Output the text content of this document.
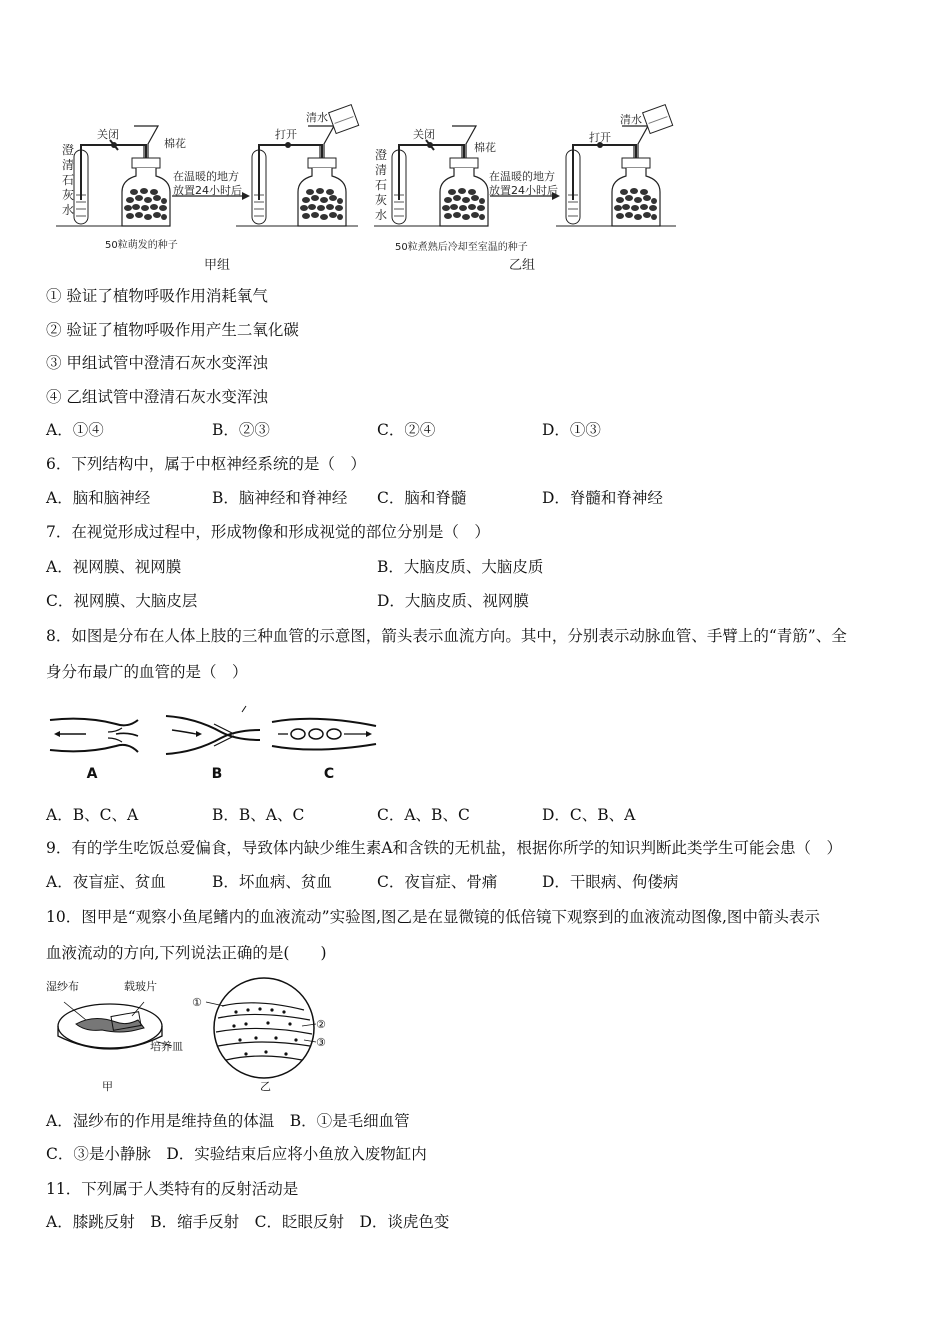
澄清石灰水
关闭
棉花
在温暖的地方
放置24小时后
打开
清水
50粒萌发的种子
甲组
澄清石灰水
关闭
棉花
在温暖的地方
放置24小时后
打开
清水
50粒煮熟后冷却至室温的种子
乙组
① 验证了植物呼吸作用消耗氧气
② 验证了植物呼吸作用产生二氧化碳
③ 甲组试管中澄清石灰水变浑浊
④ 乙组试管中澄清石灰水变浑浊
A．①④	B．②③	C．②④	D．①③
6．下列结构中，属于中枢神经系统的是（　）
A．脑和脑神经	B．脑神经和脊神经 C．脑和脊髓	D．脊髓和脊神经
7．在视觉形成过程中，形成物像和形成视觉的部位分别是（　）
A．视网膜、视网膜	B．大脑皮质、大脑皮质
C．视网膜、大脑皮层	D．大脑皮质、视网膜
8．如图是分布在人体上肢的三种血管的示意图，箭头表示血流方向。其中，分别表示动脉血管、手臂上的“青筋”、全
身分布最广的血管的是（　）
A	B	C
A．B、C、A	B．B、A、C	C．A、B、C	D．C、B、A
9．有的学生吃饭总爱偏食，导致体内缺少维生素A和含铁的无机盐，根据你所学的知识判断此类学生可能会患（　）
A．夜盲症、贫血	B．坏血病、贫血	C．夜盲症、骨痛	D．干眼病、佝偻病
10．图甲是“观察小鱼尾鳍内的血液流动”实验图,图乙是在显微镜的低倍镜下观察到的血液流动图像,图中箭头表示
血液流动的方向,下列说法正确的是(　　)
湿纱布	载玻片
培养皿
甲	乙
①
②
③
A．湿纱布的作用是维持鱼的体温　B．①是毛细血管
C．③是小静脉　D．实验结束后应将小鱼放入废物缸内
11．下列属于人类特有的反射活动是
A．膝跳反射　B．缩手反射　C．眨眼反射　D．谈虎色变
